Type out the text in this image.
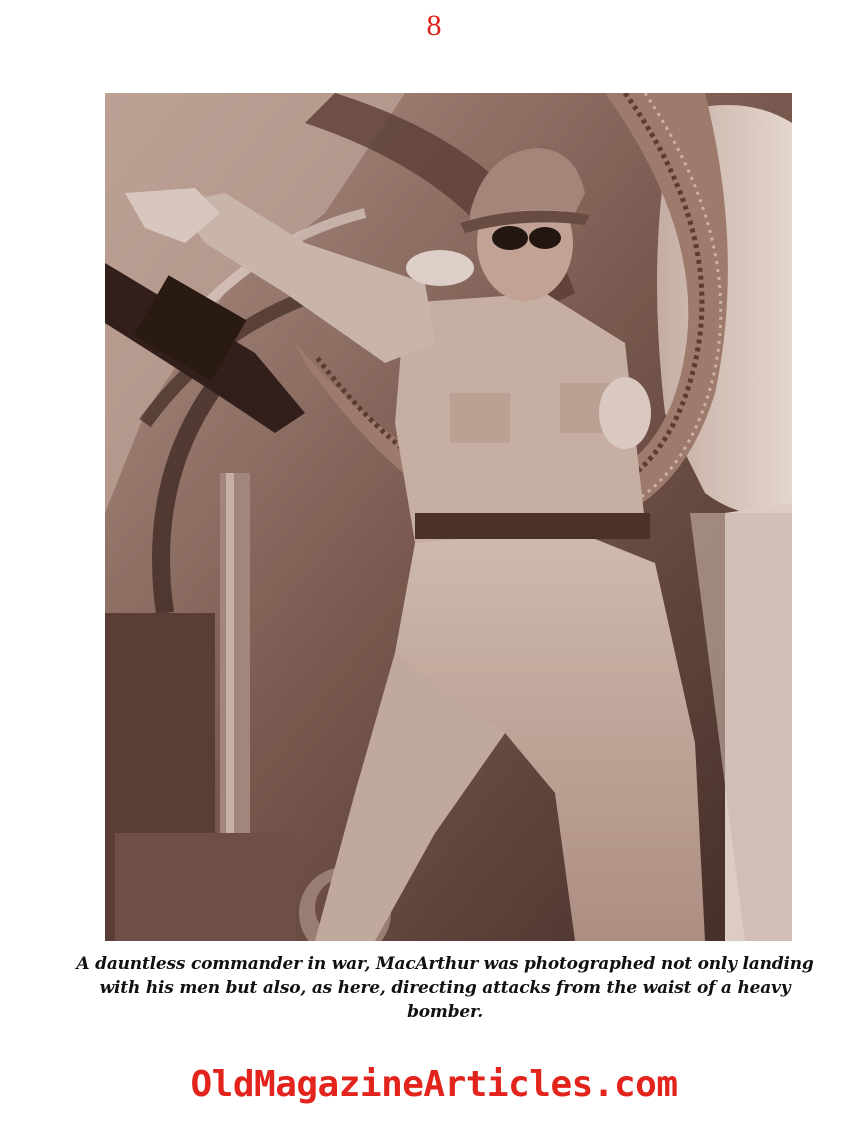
8
A dauntless commander in war, MacArthur was photographed not only landing
with his men but also, as here, directing attacks from the waist of a heavy bomber.
OldMagazineArticles.com
